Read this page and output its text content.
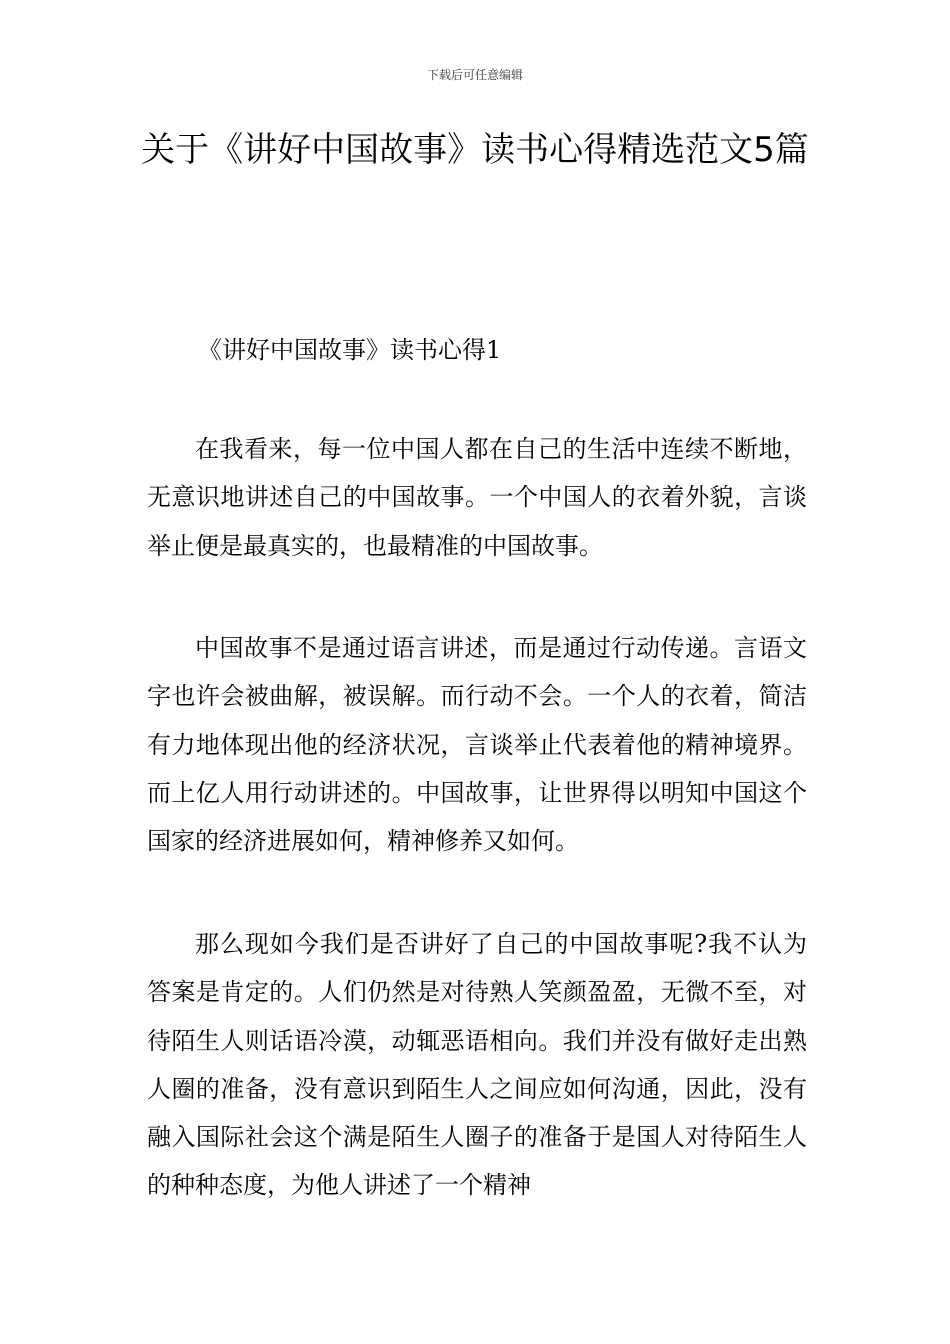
下载后可任意编辑
关于《讲好中国故事》读书心得精选范文5篇
《讲好中国故事》读书心得1

在我看来，每一位中国人都在自己的生活中连续不断地，无意识地讲述自己的中国故事。一个中国人的衣着外貌，言谈举止便是最真实的，也最精准的中国故事。

中国故事不是通过语言讲述，而是通过行动传递。言语文字也许会被曲解，被误解。而行动不会。一个人的衣着，简洁有力地体现出他的经济状况，言谈举止代表着他的精神境界。而上亿人用行动讲述的。中国故事，让世界得以明知中国这个国家的经济进展如何，精神修养又如何。

那么现如今我们是否讲好了自己的中国故事呢?我不认为答案是肯定的。人们仍然是对待熟人笑颜盈盈，无微不至，对待陌生人则话语冷漠，动辄恶语相向。我们并没有做好走出熟人圈的准备，没有意识到陌生人之间应如何沟通，因此，没有融入国际社会这个满是陌生人圈子的准备于是国人对待陌生人的种种态度，为他人讲述了一个精神
